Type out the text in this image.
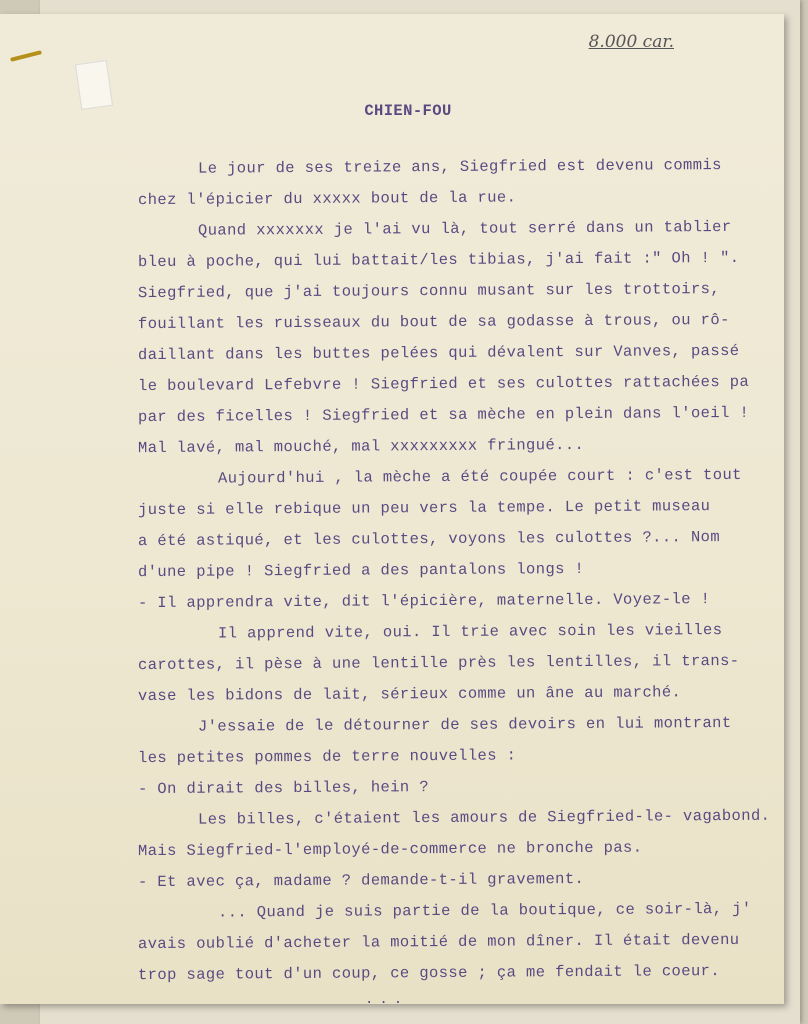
8.000 car.
CHIEN-FOU
Le jour de ses treize ans, Siegfried est devenu commis
chez l'épicier du xxxxx bout de la rue.
Quand xxxxxxx je l'ai vu là, tout serré dans un tablier
bleu à poche, qui lui battait/les tibias, j'ai fait :" Oh ! ".
Siegfried, que j'ai toujours connu musant sur les trottoirs,
fouillant les ruisseaux du bout de sa godasse à trous, ou rô-
daillant dans les buttes pelées qui dévalent sur Vanves, passé
le boulevard Lefebvre ! Siegfried et ses culottes rattachées pa
par des ficelles ! Siegfried et sa mèche en plein dans l'oeil !
Mal lavé, mal mouché, mal xxxxxxxxx fringué...
Aujourd'hui , la mèche a été coupée court : c'est tout
juste si elle rebique un peu vers la tempe. Le petit museau
a été astiqué, et les culottes, voyons les culottes ?... Nom
d'une pipe ! Siegfried a des pantalons longs !
- Il apprendra vite, dit l'épicière, maternelle. Voyez-le !
Il apprend vite, oui. Il trie avec soin les vieilles
carottes, il pèse à une lentille près les lentilles, il trans-
vase les bidons de lait, sérieux comme un âne au marché.
J'essaie de le détourner de ses devoirs en lui montrant
les petites pommes de terre nouvelles :
- On dirait des billes, hein ?
Les billes, c'étaient les amours de Siegfried-le- vagabond.
Mais Siegfried-l'employé-de-commerce ne bronche pas.
- Et avec ça, madame ? demande-t-il gravement.
... Quand je suis partie de la boutique, ce soir-là, j'
avais oublié d'acheter la moitié de mon dîner. Il était devenu
trop sage tout d'un coup, ce gosse ; ça me fendait le coeur.
...
